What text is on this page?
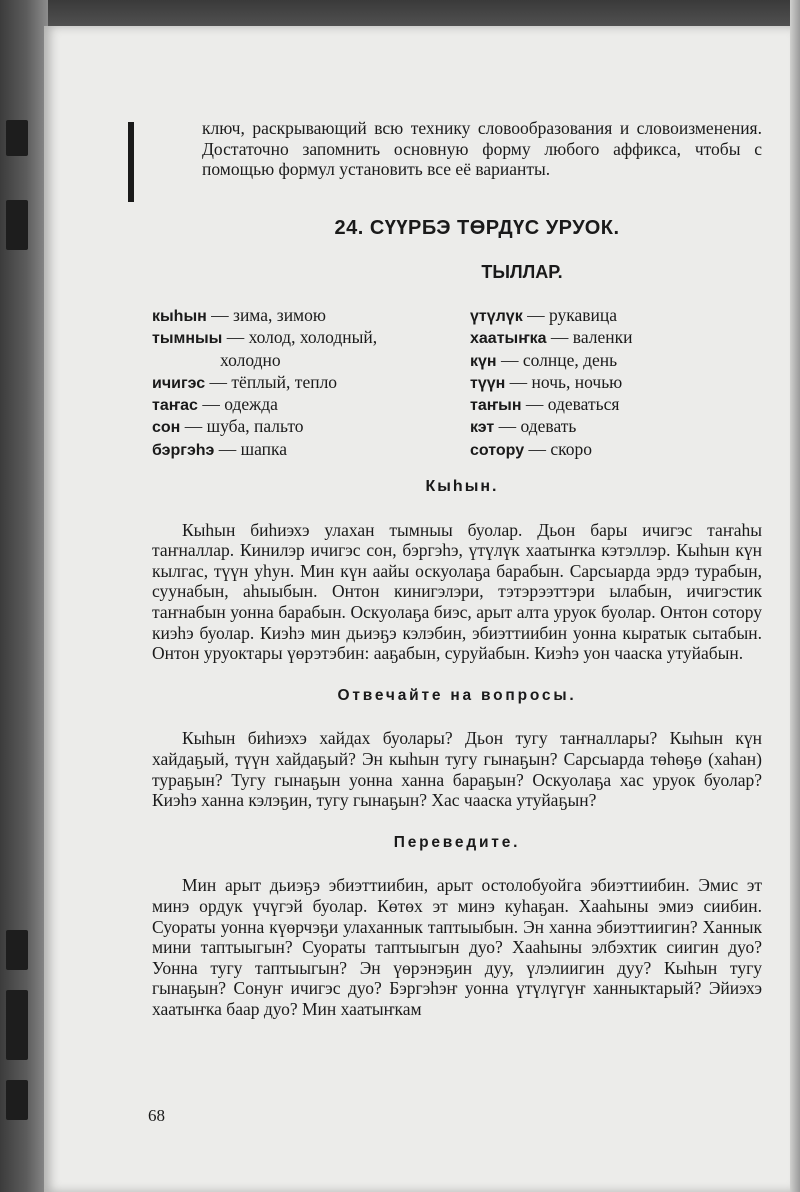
ключ, раскрывающий всю технику словообразования и словоизменения. Достаточно запомнить основную форму любого аффикса, чтобы с помощью формул установить все её варианты.

24. СҮҮРБЭ ТӨРДҮС УРУОК.
ТЫЛЛАР.
кыһын — зима, зимою
тымныы — холод, холодный,
холодно
ичигэс — тёплый, тепло
таҥас — одежда
сон — шуба, пальто
бэргэһэ — шапка
үтүлүк — рукавица
хаатыҥка — валенки
күн — солнце, день
түүн — ночь, ночью
таҥын — одеваться
кэт — одевать
сотору — скоро
Кыһын.

Кыһын биһиэхэ улахан тымныы буолар. Дьон бары ичигэс таҥаһы таҥналлар. Кинилэр ичигэс сон, бэргэһэ, үтүлүк хаатыҥка кэтэллэр. Кыһын күн кылгас, түүн уһун. Мин күн аайы оскуолаҕа барабын. Сарсыарда эрдэ турабын, суунабын, аһыыбын. Онтон кинигэлэри, тэтэрээттэри ылабын, ичигэстик таҥнабын уонна барабын. Оскуолаҕа биэс, арыт алта уруок буолар. Онтон сотору киэһэ буолар. Киэһэ мин дьиэҕэ кэлэбин, эбиэттиибин уонна кыратык сытабын. Онтон уруоктары үөрэтэбин: ааҕабын, суруйабын. Киэһэ уон чааска утуйабын.

Отвечайте на вопросы.

Кыһын биһиэхэ хайдах буолары? Дьон тугу таҥналлары? Кыһын күн хайдаҕый, түүн хайдаҕый? Эн кыһын тугу гынаҕын? Сарсыарда төһөҕө (хаһан) тураҕын? Тугу гынаҕын уонна ханна бараҕын? Оскуолаҕа хас уруок буолар? Киэһэ ханна кэлэҕин, тугу гынаҕын? Хас чааска утуйаҕын?

Переведите.

Мин арыт дьиэҕэ эбиэттиибин, арыт остолобуойга эбиэттиибин. Эмис эт минэ ордук үчүгэй буолар. Көтөх эт минэ куһаҕан. Хааһыны эмиэ сиибин. Суораты уонна күөрчэҕи улаханнык таптыыбын. Эн ханна эбиэттиигин? Ханнык мини таптыыгын? Суораты таптыыгын дуо? Хааһыны элбэхтик сиигин дуо? Уонна тугу таптыыгын? Эн үөрэнэҕин дуу, үлэлиигин дуу? Кыһын тугу гынаҕын? Сонуҥ ичигэс дуо? Бэргэһэҥ уонна үтүлүгүҥ ханныктарый? Эйиэхэ хаатыҥка баар дуо? Мин хаатыҥкам

68
